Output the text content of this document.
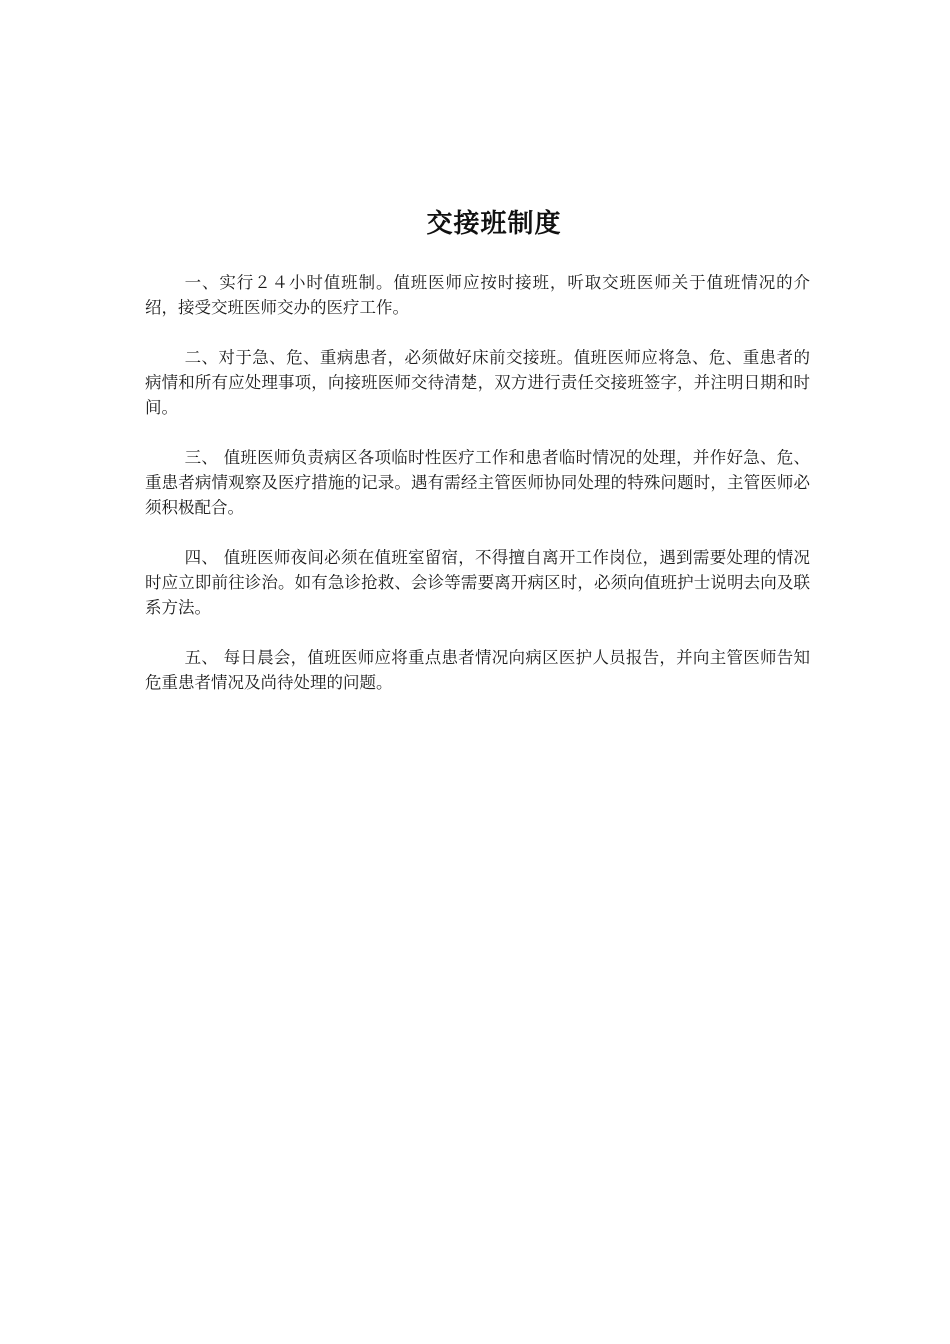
交接班制度

一、实行２４小时值班制。值班医师应按时接班，听取交班医师关于值班情况的介绍，接受交班医师交办的医疗工作。

二、对于急、危、重病患者，必须做好床前交接班。值班医师应将急、危、重患者的病情和所有应处理事项，向接班医师交待清楚，双方进行责任交接班签字，并注明日期和时间。

三、 值班医师负责病区各项临时性医疗工作和患者临时情况的处理，并作好急、危、重患者病情观察及医疗措施的记录。遇有需经主管医师协同处理的特殊问题时，主管医师必须积极配合。

四、 值班医师夜间必须在值班室留宿，不得擅自离开工作岗位，遇到需要处理的情况时应立即前往诊治。如有急诊抢救、会诊等需要离开病区时，必须向值班护士说明去向及联系方法。

五、 每日晨会，值班医师应将重点患者情况向病区医护人员报告，并向主管医师告知危重患者情况及尚待处理的问题。
